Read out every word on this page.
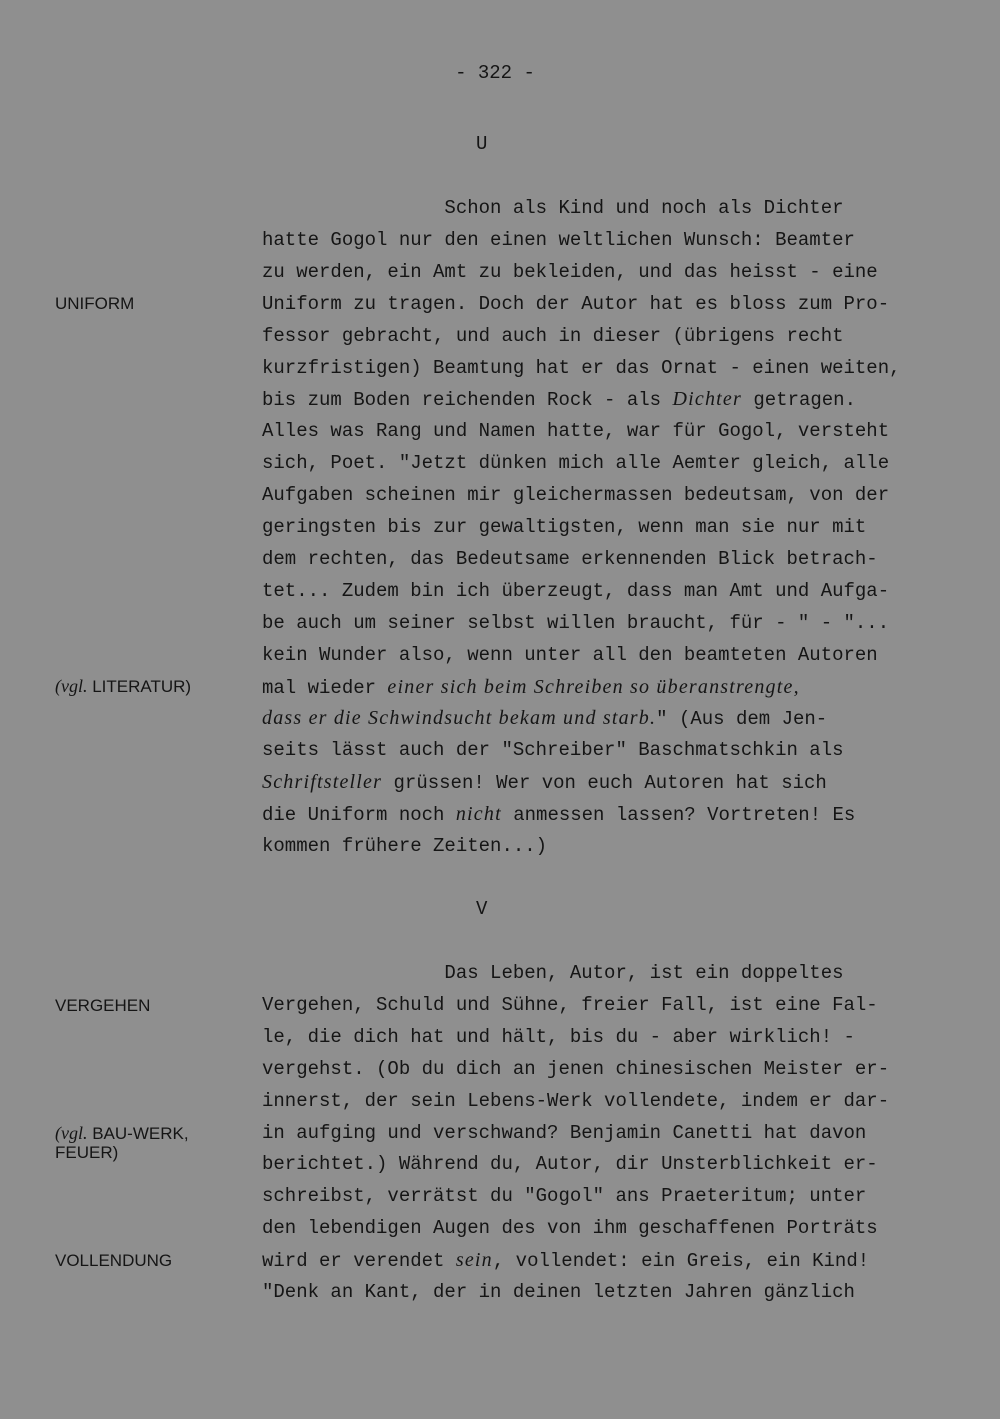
- 322 -
U
V
Schon als Kind und noch als Dichter
hatte Gogol nur den einen weltlichen Wunsch: Beamter
zu werden, ein Amt zu bekleiden, und das heisst - eine
Uniform zu tragen. Doch der Autor hat es bloss zum Pro-
fessor gebracht, und auch in dieser (übrigens recht
kurzfristigen) Beamtung hat er das Ornat - einen weiten,
bis zum Boden reichenden Rock - als Dichter getragen.
Alles was Rang und Namen hatte, war für Gogol, versteht
sich, Poet. "Jetzt dünken mich alle Aemter gleich, alle
Aufgaben scheinen mir gleichermassen bedeutsam, von der
geringsten bis zur gewaltigsten, wenn man sie nur mit
dem rechten, das Bedeutsame erkennenden Blick betrach-
tet... Zudem bin ich überzeugt, dass man Amt und Aufga-
be auch um seiner selbst willen braucht, für - " - "...
kein Wunder also, wenn unter all den beamteten Autoren
mal wieder einer sich beim Schreiben so überanstrengte,
dass er die Schwindsucht bekam und starb." (Aus dem Jen-
seits lässt auch der "Schreiber" Baschmatschkin als
Schriftsteller grüssen! Wer von euch Autoren hat sich
die Uniform noch nicht anmessen lassen? Vortreten! Es
kommen frühere Zeiten...)
Das Leben, Autor, ist ein doppeltes
Vergehen, Schuld und Sühne, freier Fall, ist eine Fal-
le, die dich hat und hält, bis du - aber wirklich! -
vergehst. (Ob du dich an jenen chinesischen Meister er-
innerst, der sein Lebens-Werk vollendete, indem er dar-
in aufging und verschwand? Benjamin Canetti hat davon
berichtet.) Während du, Autor, dir Unsterblichkeit er-
schreibst, verrätst du "Gogol" ans Praeteritum; unter
den lebendigen Augen des von ihm geschaffenen Porträts
wird er verendet sein, vollendet: ein Greis, ein Kind!
"Denk an Kant, der in deinen letzten Jahren gänzlich
UNIFORM
(vgl. LITERATUR)
VERGEHEN
(vgl. BAU-WERK,
FEUER)
VOLLENDUNG
